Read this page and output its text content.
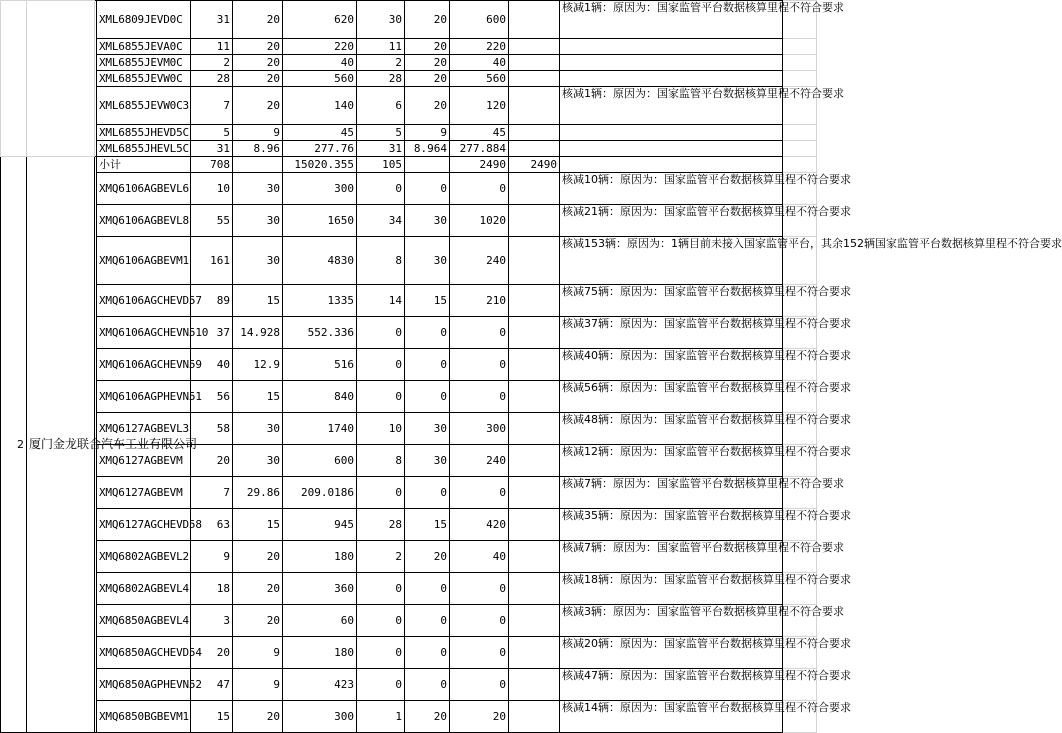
			XML6809JEVD0C	31	20	620	30	20	600		核减1辆：原因为：国家监管平台数据核算里程不符合要求	
			XML6855JEVA0C	11	20	220	11	20	220			
			XML6855JEVM0C	2	20	40	2	20	40			
			XML6855JEVW0C	28	20	560	28	20	560			
			XML6855JEVW0C3	7	20	140	6	20	120		核减1辆：原因为：国家监管平台数据核算里程不符合要求	
			XML6855JHEVD5C	5	9	45	5	9	45			
			XML6855JHEVL5C	31	8.96	277.76	31	8.964	277.884			
2	厦门金龙联合汽车工业有限公司		小计	708		15020.355	105		2490	2490		
			XMQ6106AGBEVL6	10	30	300	0	0	0		核减10辆：原因为：国家监管平台数据核算里程不符合要求	
			XMQ6106AGBEVL8	55	30	1650	34	30	1020		核减21辆：原因为：国家监管平台数据核算里程不符合要求	
			XMQ6106AGBEVM1	161	30	4830	8	30	240		核减153辆：原因为：1辆目前未接入国家监管平台，其余152辆国家监管平台数据核算里程不符合要求	
			XMQ6106AGCHEVD57	89	15	1335	14	15	210		核减75辆：原因为：国家监管平台数据核算里程不符合要求	
			XMQ6106AGCHEVN510	37	14.928	552.336	0	0	0		核减37辆：原因为：国家监管平台数据核算里程不符合要求	
			XMQ6106AGCHEVN59	40	12.9	516	0	0	0		核减40辆：原因为：国家监管平台数据核算里程不符合要求	
			XMQ6106AGPHEVN51	56	15	840	0	0	0		核减56辆：原因为：国家监管平台数据核算里程不符合要求	
			XMQ6127AGBEVL3	58	30	1740	10	30	300		核减48辆：原因为：国家监管平台数据核算里程不符合要求	
			XMQ6127AGBEVM	20	30	600	8	30	240		核减12辆：原因为：国家监管平台数据核算里程不符合要求	
			XMQ6127AGBEVM	7	29.86	209.0186	0	0	0		核减7辆：原因为：国家监管平台数据核算里程不符合要求	
			XMQ6127AGCHEVD58	63	15	945	28	15	420		核减35辆：原因为：国家监管平台数据核算里程不符合要求	
			XMQ6802AGBEVL2	9	20	180	2	20	40		核减7辆：原因为：国家监管平台数据核算里程不符合要求	
			XMQ6802AGBEVL4	18	20	360	0	0	0		核减18辆：原因为：国家监管平台数据核算里程不符合要求	
			XMQ6850AGBEVL4	3	20	60	0	0	0		核减3辆：原因为：国家监管平台数据核算里程不符合要求	
			XMQ6850AGCHEVD54	20	9	180	0	0	0		核减20辆：原因为：国家监管平台数据核算里程不符合要求	
			XMQ6850AGPHEVN52	47	9	423	0	0	0		核减47辆：原因为：国家监管平台数据核算里程不符合要求	
			XMQ6850BGBEVM1	15	20	300	1	20	20		核减14辆：原因为：国家监管平台数据核算里程不符合要求	
